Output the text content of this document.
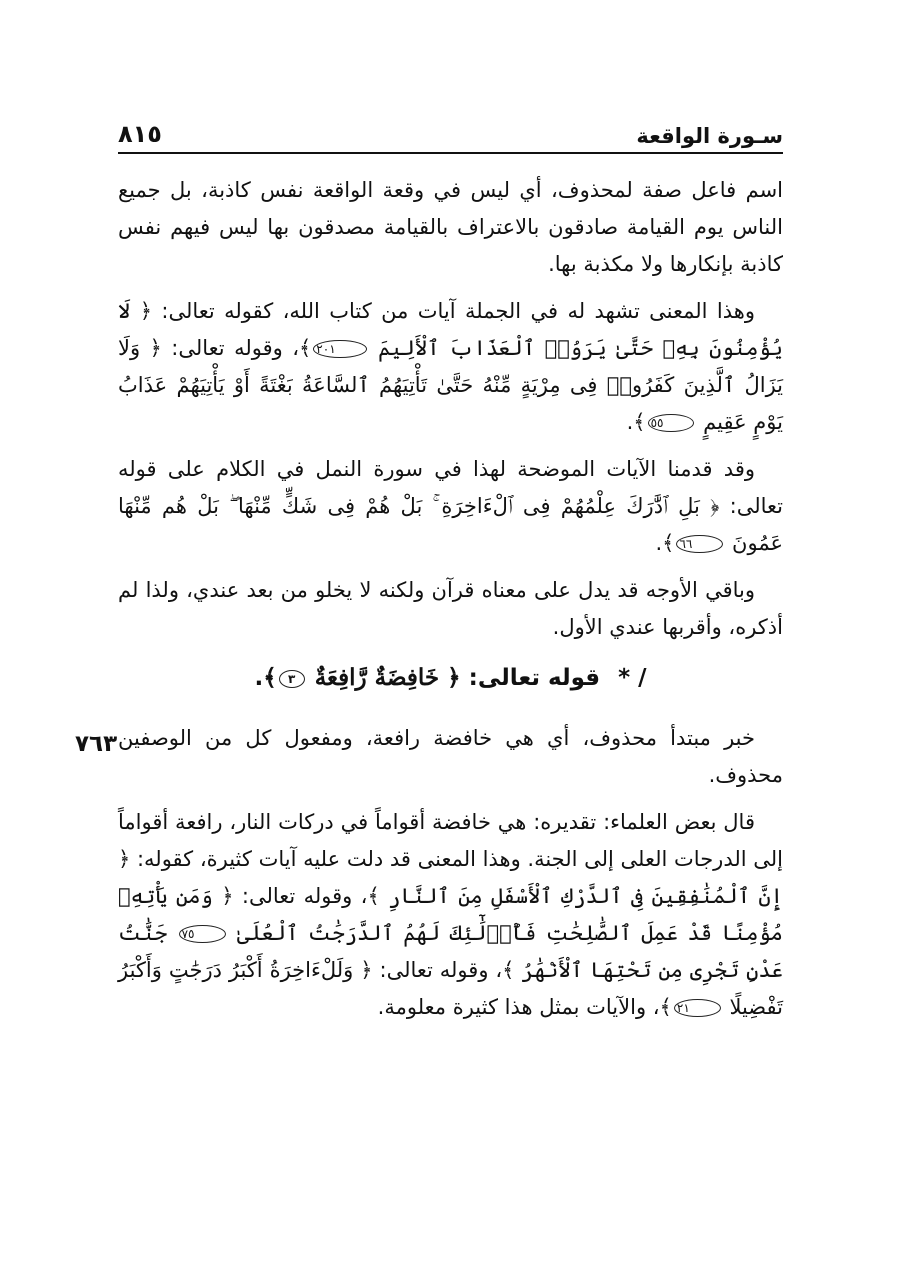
٧٦٣
سـورة الواقعة
٨١٥

اسم فاعل صفة لمحذوف، أي ليس في وقعة الواقعة نفس كاذبة، بل جميع الناس يوم القيامة صادقون بالاعتراف بالقيامة مصدقون بها ليس فيهم نفس كاذبة بإنكارها ولا مكذبة بها.

وهذا المعنى تشهد له في الجملة آيات من كتاب الله، كقوله تعالى: ﴿ لَا يُؤْمِنُونَ بِهِۦ حَتَّىٰ يَرَوُا۟ ٱلْعَذَابَ ٱلْأَلِيمَ ٢٠١﴾، وقوله تعالى: ﴿ وَلَا يَزَالُ ٱلَّذِينَ كَفَرُوا۟ فِى مِرْيَةٍ مِّنْهُ حَتَّىٰ تَأْتِيَهُمُ ٱلسَّاعَةُ بَغْتَةً أَوْ يَأْتِيَهُمْ عَذَابُ يَوْمٍ عَقِيمٍ ٥٥﴾.

وقد قدمنا الآيات الموضحة لهذا في سورة النمل في الكلام على قوله تعالى: ﴿ بَلِ ٱدَّٰرَكَ عِلْمُهُمْ فِى ٱلْءَاخِرَةِ ۚ بَلْ هُمْ فِى شَكٍّ مِّنْهَا ۖ بَلْ هُم مِّنْهَا عَمُونَ ٦٦﴾.

وباقي الأوجه قد يدل على معناه قرآن ولكنه لا يخلو من بعد عندي، ولذا لم أذكره، وأقربها عندي الأول.

/ * قوله تعالى: ﴿ خَافِضَةٌ رَّافِعَةٌ ٣﴾.

خبر مبتدأ محذوف، أي هي خافضة رافعة، ومفعول كل من الوصفين محذوف.

قال بعض العلماء: تقديره: هي خافضة أقواماً في دركات النار، رافعة أقواماً إلى الدرجات العلى إلى الجنة. وهذا المعنى قد دلت عليه آيات كثيرة، كقوله: ﴿ إِنَّ ٱلْمُنَٰفِقِينَ فِى ٱلدَّرْكِ ٱلْأَسْفَلِ مِنَ ٱلنَّارِ ﴾، وقوله تعالى: ﴿ وَمَن يَأْتِهِۦ مُؤْمِنًا قَدْ عَمِلَ ٱلصَّٰلِحَٰتِ فَأُو۟لَٰٓئِكَ لَهُمُ ٱلدَّرَجَٰتُ ٱلْعُلَىٰ ٧٥ جَنَّٰتُ عَدْنٍ تَجْرِى مِن تَحْتِهَا ٱلْأَنْهَٰرُ ﴾، وقوله تعالى: ﴿ وَلَلْءَاخِرَةُ أَكْبَرُ دَرَجَٰتٍ وَأَكْبَرُ تَفْضِيلًا ٢١﴾، والآيات بمثل هذا كثيرة معلومة.
